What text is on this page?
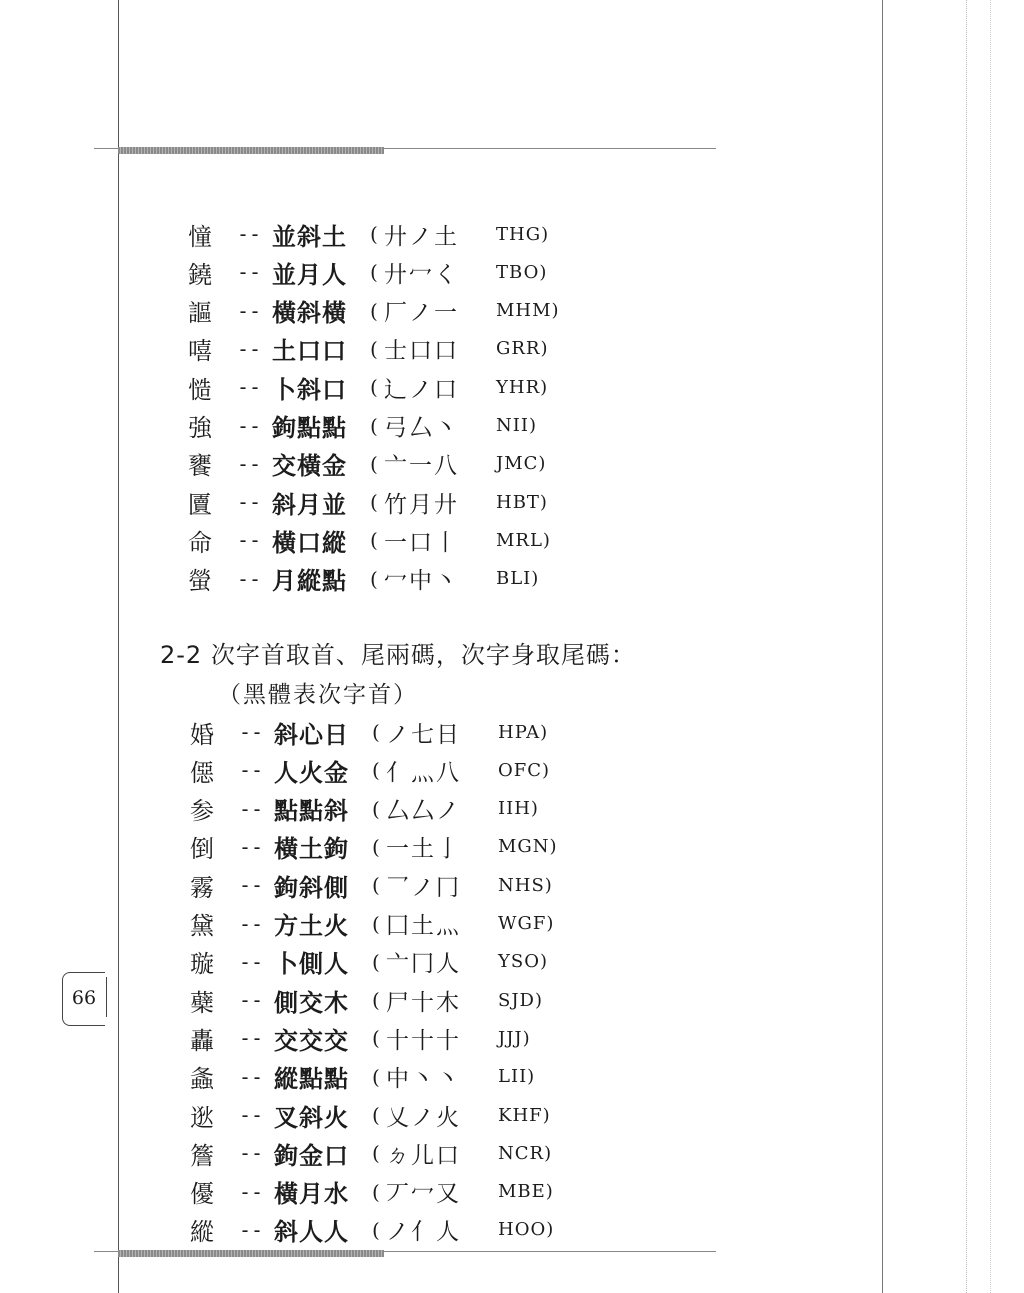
66
憧	-- 並斜土	( 廾ノ土	THG)
鐃	-- 並月人	( 廾冖く	TBO)
謳	-- 橫斜橫	( 厂ノ一	MHM)
嘻	-- 土口口	( 士口口	GRR)
慥	-- 卜斜口	( 辶ノ口	YHR)
強	-- 鉤點點	( 弓厶丶	NII)
饔	-- 交橫金	( 亠一八	JMC)
匵	-- 斜月並	( 竹月廾	HBT)
命	-- 橫口縱	( 一口丨	MRL)
螢	-- 月縱點	( 冖中丶	BLI)
2-2 次字首取首、尾兩碼，次字身取尾碼：
（黑體表次字首）
婚	-- 斜心日	( ノ七日	HPA)
僫	-- 人火金	( 亻灬八	OFC)
参	-- 點點斜	( 厶厶ノ	IIH)
倒	-- 橫土鉤	( 一土亅	MGN)
霧	-- 鉤斜側	( 乛ノ冂	NHS)
黛	-- 方土火	( 囗土灬	WGF)
璇	-- 卜側人	( 亠冂人	YSO)
蘗	-- 側交木	( 尸十木	SJD)
轟	-- 交交交	( 十十十	JJJ)
螽	-- 縱點點	( 中丶丶	LII)
逖	-- 叉斜火	( 乂ノ火	KHF)
簷	-- 鉤金口	( ㄉ儿口	NCR)
優	-- 橫月水	( 丆冖又	MBE)
縱	-- 斜人人	( ノ亻人	HOO)
